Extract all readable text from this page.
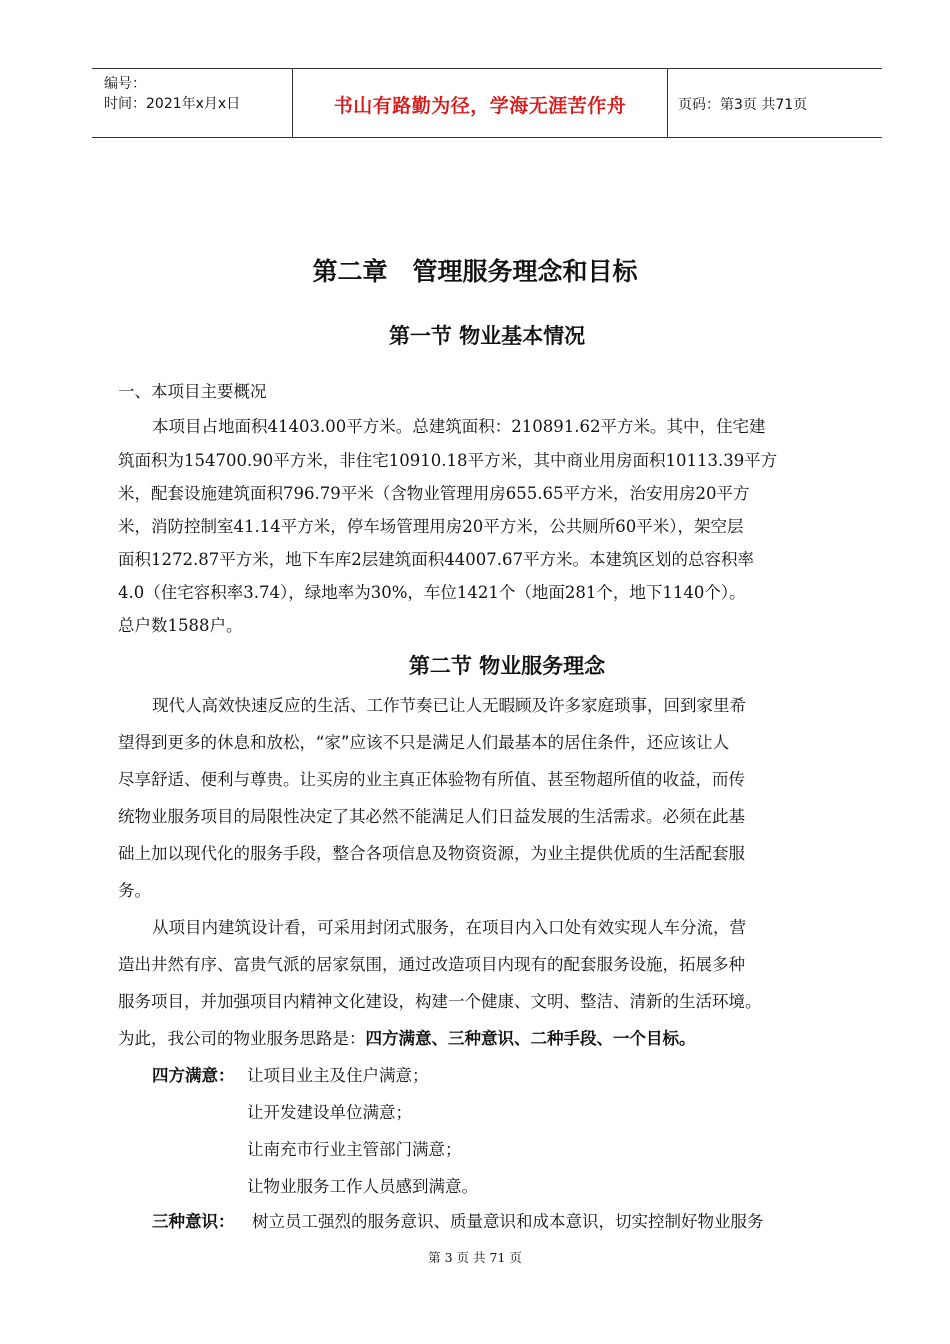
编号：
时间：2021年x月x日	书山有路勤为径，学海无涯苦作舟	页码：第3页 共71页
第二章　管理服务理念和目标
第一节 物业基本情况
一、本项目主要概况
本项目占地面积41403.00平方米。总建筑面积：210891.62平方米。其中，住宅建
筑面积为154700.90平方米，非住宅10910.18平方米，其中商业用房面积10113.39平方
米，配套设施建筑面积796.79平米（含物业管理用房655.65平方米，治安用房20平方
米，消防控制室41.14平方米，停车场管理用房20平方米，公共厕所60平米），架空层
面积1272.87平方米，地下车库2层建筑面积44007.67平方米。本建筑区划的总容积率
4.0（住宅容积率3.74），绿地率为30%，车位1421个（地面281个，地下1140个）。
总户数1588户。
第二节 物业服务理念
现代人高效快速反应的生活、工作节奏已让人无暇顾及许多家庭琐事，回到家里希
望得到更多的休息和放松，“家”应该不只是满足人们最基本的居住条件，还应该让人
尽享舒适、便利与尊贵。让买房的业主真正体验物有所值、甚至物超所值的收益，而传
统物业服务项目的局限性决定了其必然不能满足人们日益发展的生活需求。必须在此基
础上加以现代化的服务手段，整合各项信息及物资资源，为业主提供优质的生活配套服
务。
从项目内建筑设计看，可采用封闭式服务，在项目内入口处有效实现人车分流，营
造出井然有序、富贵气派的居家氛围，通过改造项目内现有的配套服务设施，拓展多种
服务项目，并加强项目内精神文化建设，构建一个健康、文明、整洁、清新的生活环境。
为此，我公司的物业服务思路是：四方满意、三种意识、二种手段、一个目标。
四方满意： 让项目业主及住户满意；
让开发建设单位满意；
让南充市行业主管部门满意；
让物业服务工作人员感到满意。
三种意识： 树立员工强烈的服务意识、质量意识和成本意识，切实控制好物业服务
第 3 页 共 71 页
